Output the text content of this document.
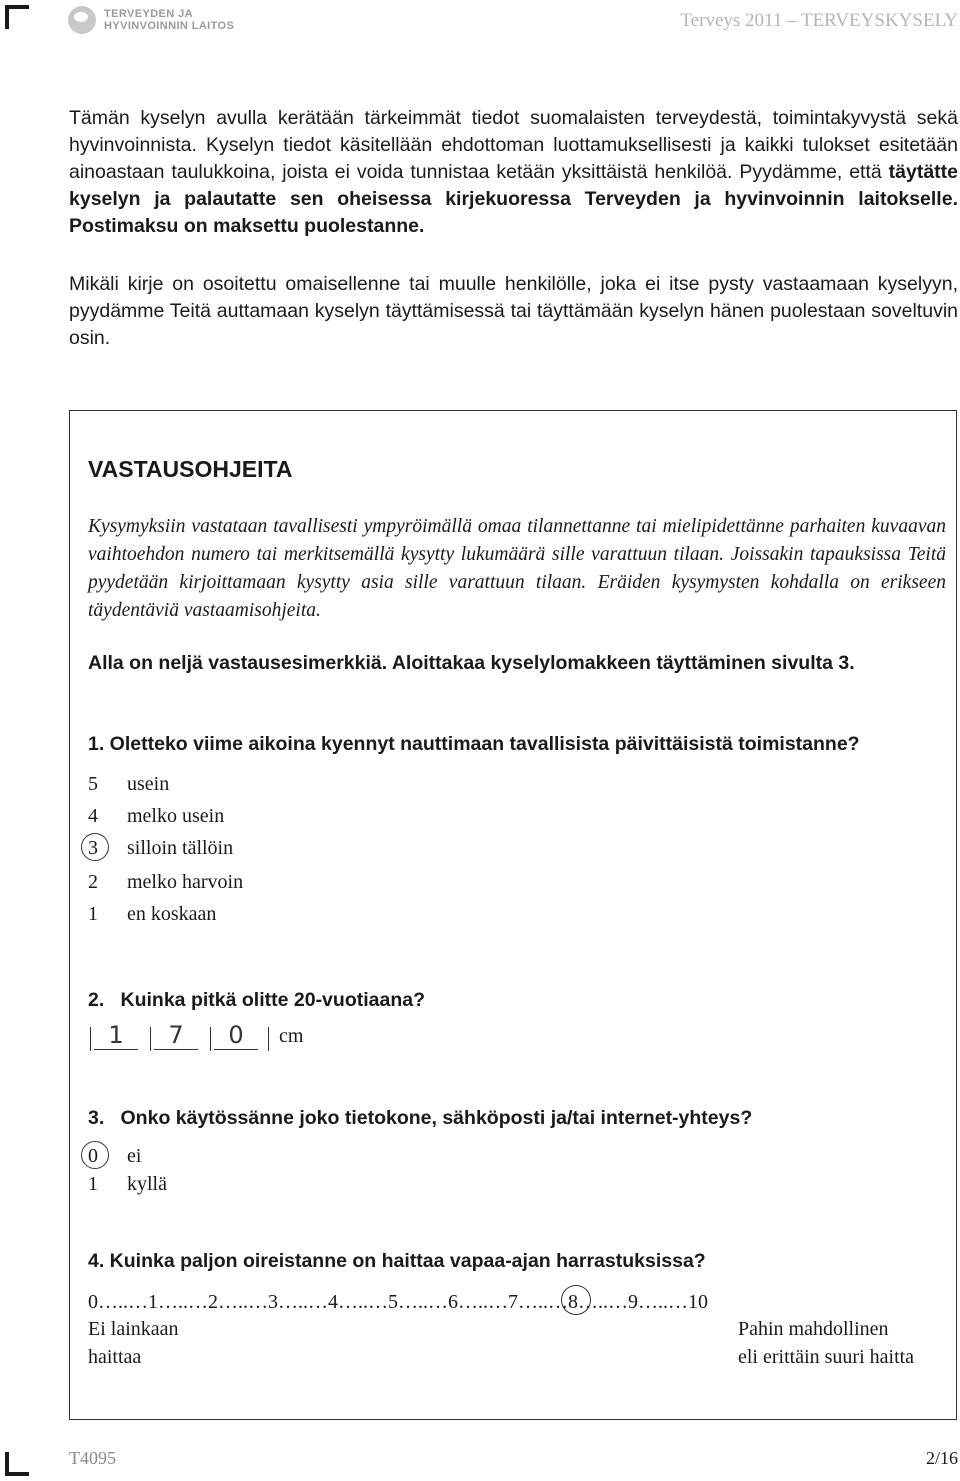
TERVEYDEN JA
HYVINVOINNIN LAITOS	Terveys 2011 – TERVEYSKYSELY
Tämän kyselyn avulla kerätään tärkeimmät tiedot suomalaisten terveydestä, toimintakyvystä sekä hyvinvoinnista. Kyselyn tiedot käsitellään ehdottoman luottamuksellisesti ja kaikki tulokset esitetään ainoastaan taulukkoina, joista ei voida tunnistaa ketään yksittäistä henkilöä. Pyydämme, että täytätte kyselyn ja palautatte sen oheisessa kirjekuoressa Terveyden ja hyvinvoinnin laitokselle. Postimaksu on maksettu puolestanne.
Mikäli kirje on osoitettu omaisellenne tai muulle henkilölle, joka ei itse pysty vastaamaan kyselyyn, pyydämme Teitä auttamaan kyselyn täyttämisessä tai täyttämään kyselyn hänen puolestaan soveltuvin osin.
VASTAUSOHJEITA
Kysymyksiin vastataan tavallisesti ympyröimällä omaa tilannettanne tai mielipidettänne parhaiten kuvaavan vaihtoehdon numero tai merkitsemällä kysytty lukumäärä sille varattuun tilaan. Joissakin tapauksissa Teitä pyydetään kirjoittamaan kysytty asia sille varattuun tilaan. Eräiden kysymysten kohdalla on erikseen täydentäviä vastaamisohjeita.
Alla on neljä vastausesimerkkiä. Aloittakaa kyselylomakkeen täyttäminen sivulta 3.
1. Oletteko viime aikoina kyennyt nauttimaan tavallisista päivittäisistä toimistanne?
5 usein
4 melko usein
3 silloin tällöin
2 melko harvoin
1 en koskaan
2.   Kuinka pitkä olitte 20-vuotiaana?
1	7	0	cm
3.   Onko käytössänne joko tietokone, sähköposti ja/tai internet-yhteys?
0 ei
1 kyllä
4. Kuinka paljon oireistanne on haittaa vapaa-ajan harrastuksissa?
0…..…1…..…2…..…3…..…4…..…5…..…6…..…7…..…8…..…9…..…10
Ei lainkaan
haittaa
Pahin mahdollinen
eli erittäin suuri haitta
T4095	2/16
